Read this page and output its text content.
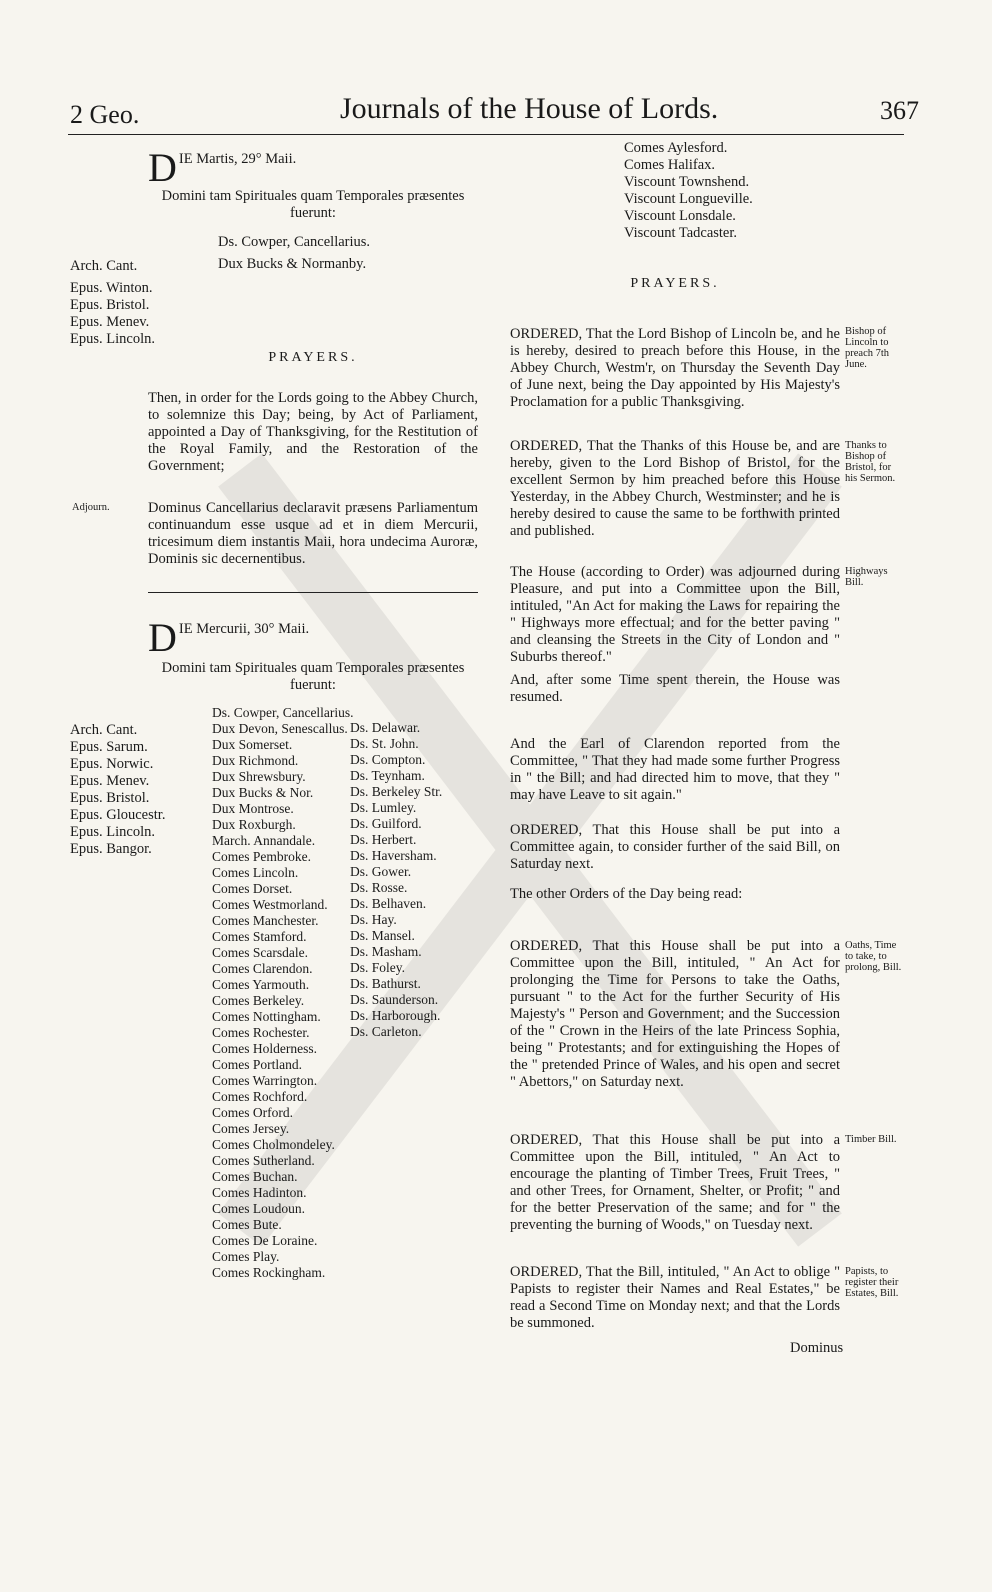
2 Geo.	Journals of the House of Lords.	367
D IE Martis, 29° Maii.
Domini tam Spirituales quam Temporales præsentes fuerunt:
Ds. Cowper, Cancellarius.
Dux Bucks & Normanby.
Arch. Cant.
Epus. Winton.
Epus. Bristol.
Epus. Menev.
Epus. Lincoln.
PRAYERS.
Then, in order for the Lords going to the Abbey Church, to solemnize this Day; being, by Act of Parliament, appointed a Day of Thanksgiving, for the Restitution of the Royal Family, and the Restoration of the Government;
Adjourn.	Dominus Cancellarius declaravit præsens Parliamentum continuandum esse usque ad et in diem Mercurii, tricesimum diem instantis Maii, hora undecima Auroræ, Dominis sic decernentibus.
D IE Mercurii, 30° Maii.
Domini tam Spirituales quam Temporales præsentes fuerunt:
Arch. Cant.
Epus. Sarum.
Epus. Norwic.
Epus. Menev.
Epus. Bristol.
Epus. Gloucestr.
Epus. Lincoln.
Epus. Bangor.
Ds. Cowper, Cancellarius.
Dux Devon, Senescallus.
Dux Somerset.
Dux Richmond.
Dux Shrewsbury.
Dux Bucks & Nor.
Dux Montrose.
Dux Roxburgh.
March. Annandale.
Comes Pembroke.
Comes Lincoln.
Comes Dorset.
Comes Westmorland.
Comes Manchester.
Comes Stamford.
Comes Scarsdale.
Comes Clarendon.
Comes Yarmouth.
Comes Berkeley.
Comes Nottingham.
Comes Rochester.
Comes Holderness.
Comes Portland.
Comes Warrington.
Comes Rochford.
Comes Orford.
Comes Jersey.
Comes Cholmondeley.
Comes Sutherland.
Comes Buchan.
Comes Hadinton.
Comes Loudoun.
Comes Bute.
Comes De Loraine.
Comes Play.
Comes Rockingham.
Ds. Delawar.
Ds. St. John.
Ds. Compton.
Ds. Teynham.
Ds. Berkeley Str.
Ds. Lumley.
Ds. Guilford.
Ds. Herbert.
Ds. Haversham.
Ds. Gower.
Ds. Rosse.
Ds. Belhaven.
Ds. Hay.
Ds. Mansel.
Ds. Masham.
Ds. Foley.
Ds. Bathurst.
Ds. Saunderson.
Ds. Harborough.
Ds. Carleton.
Comes Aylesford.
Comes Halifax.
Viscount Townshend.
Viscount Longueville.
Viscount Lonsdale.
Viscount Tadcaster.
PRAYERS.
ORDERED, That the Lord Bishop of Lincoln be, and he is hereby, desired to preach before this House, in the Abbey Church, Westm'r, on Thursday the Seventh Day of June next, being the Day appointed by His Majesty's Proclamation for a public Thanksgiving.
Bishop of Lincoln to preach 7th June.
ORDERED, That the Thanks of this House be, and are hereby, given to the Lord Bishop of Bristol, for the excellent Sermon by him preached before this House Yesterday, in the Abbey Church, Westminster; and he is hereby desired to cause the same to be forthwith printed and published.
Thanks to Bishop of Bristol, for his Sermon.
The House (according to Order) was adjourned during Pleasure, and put into a Committee upon the Bill, intituled, "An Act for making the Laws for repairing the " Highways more effectual; and for the better paving " and cleansing the Streets in the City of London and " Suburbs thereof."
Highways Bill.
And, after some Time spent therein, the House was resumed.
And the Earl of Clarendon reported from the Committee, " That they had made some further Progress in " the Bill; and had directed him to move, that they " may have Leave to sit again."
ORDERED, That this House shall be put into a Committee again, to consider further of the said Bill, on Saturday next.
The other Orders of the Day being read:
ORDERED, That this House shall be put into a Committee upon the Bill, intituled, " An Act for prolonging the Time for Persons to take the Oaths, pursuant " to the Act for the further Security of His Majesty's " Person and Government; and the Succession of the " Crown in the Heirs of the late Princess Sophia, being " Protestants; and for extinguishing the Hopes of the " pretended Prince of Wales, and his open and secret " Abettors," on Saturday next.
Oaths, Time to take, to prolong, Bill.
ORDERED, That this House shall be put into a Committee upon the Bill, intituled, " An Act to encourage the planting of Timber Trees, Fruit Trees, " and other Trees, for Ornament, Shelter, or Profit; " and for the better Preservation of the same; and for " the preventing the burning of Woods," on Tuesday next.
Timber Bill.
ORDERED, That the Bill, intituled, " An Act to oblige " Papists to register their Names and Real Estates," be read a Second Time on Monday next; and that the Lords be summoned.
Papists, to register their Estates, Bill.
Dominus
